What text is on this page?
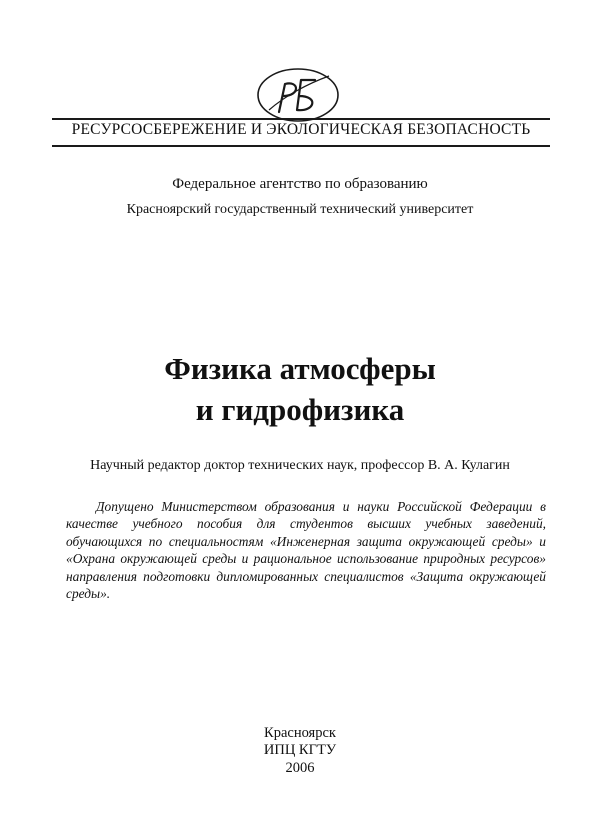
РЕСУРСОСБЕРЕЖЕНИЕ И ЭКОЛОГИЧЕСКАЯ БЕЗОПАСНОСТЬ
Федеральное агентство по образованию
Красноярский государственный технический университет
Физика атмосферы
и гидрофизика
Научный редактор доктор технических наук, профессор В. А. Кулагин

Допущено Министерством образования и науки Российской Федерации в качестве учебного пособия для студентов высших учебных заведений, обучающихся по специальностям «Инженерная защита окружающей среды» и «Охрана окружающей среды и рациональное использование природных ресурсов» направления подготовки дипломированных специалистов «Защита окружающей среды».

Красноярск
ИПЦ КГТУ
2006
